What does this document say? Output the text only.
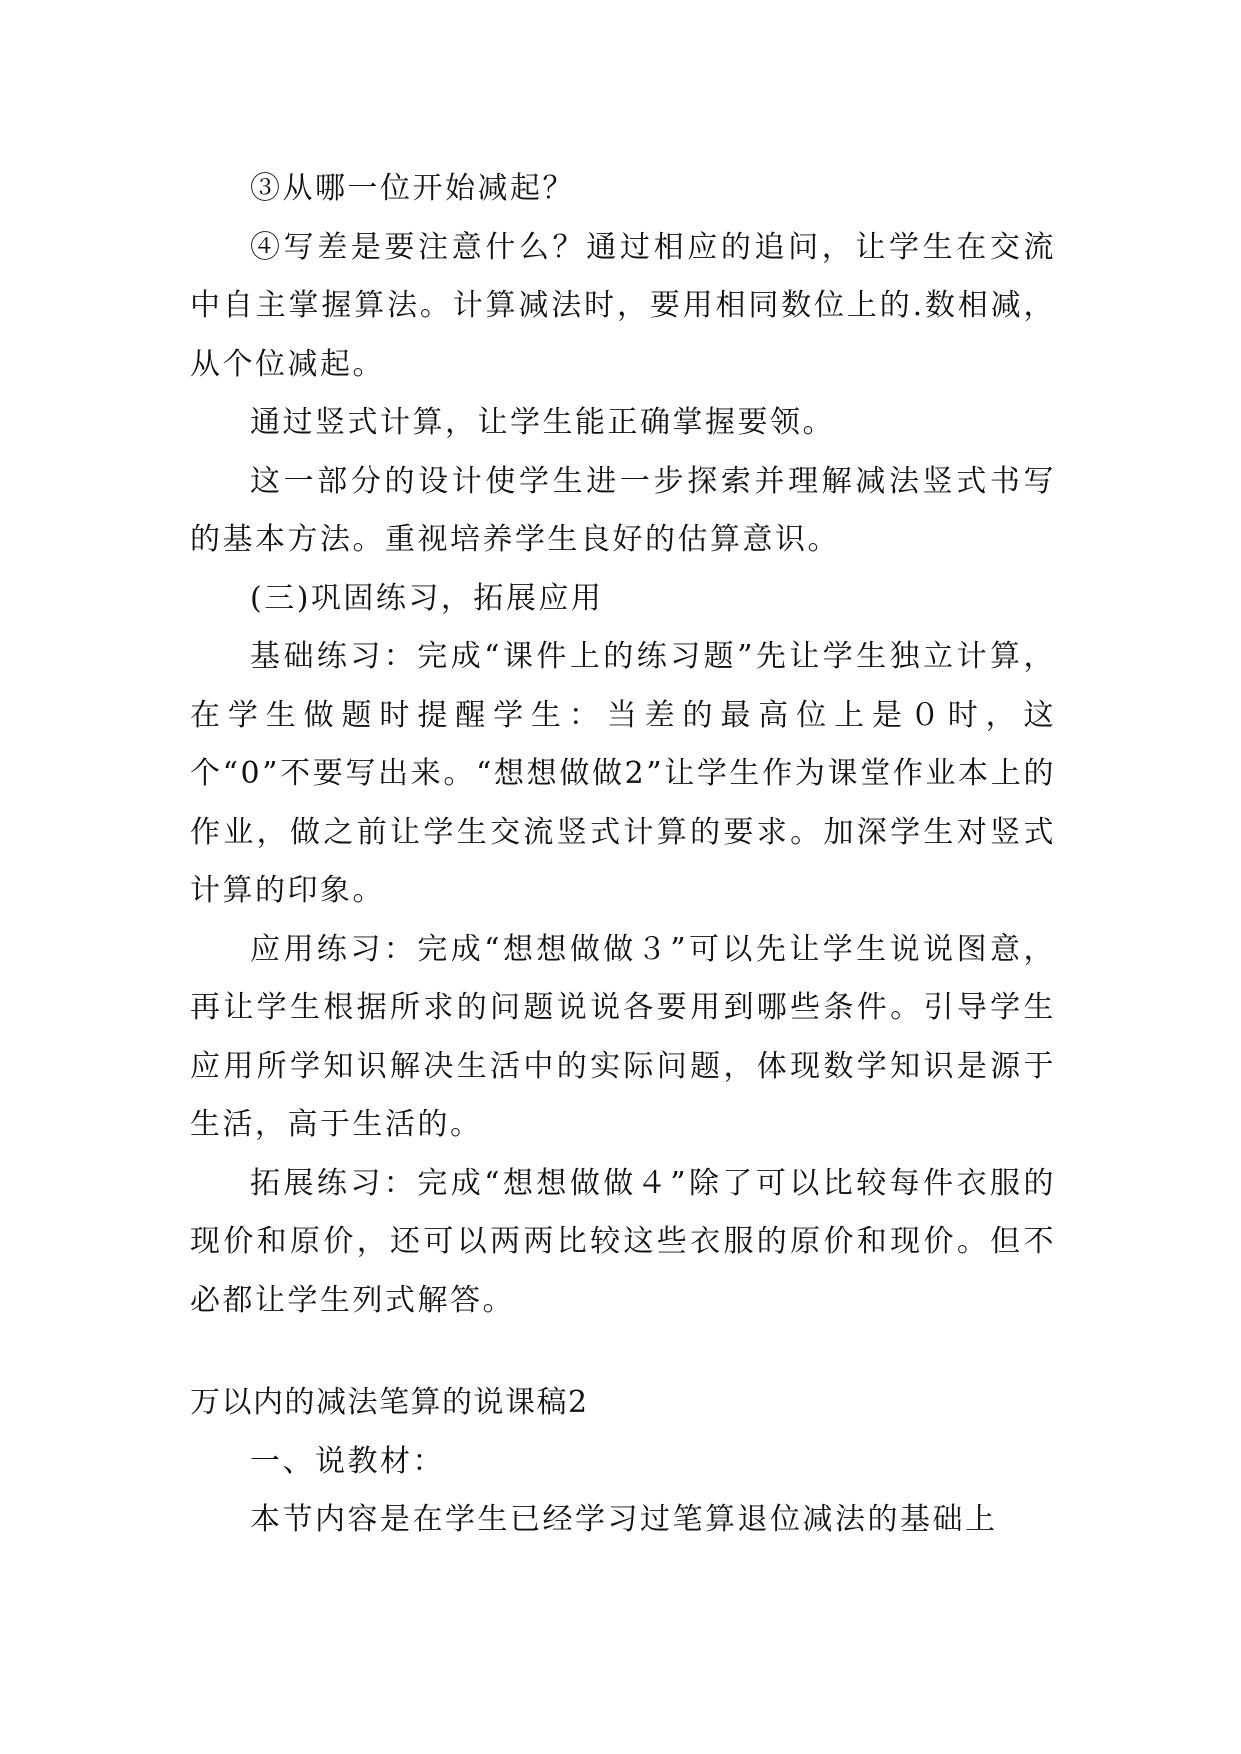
③从哪一位开始减起？

④写差是要注意什么？通过相应的追问，让学生在交流中自主掌握算法。计算减法时，要用相同数位上的.数相减，从个位减起。

通过竖式计算，让学生能正确掌握要领。

这一部分的设计使学生进一步探索并理解减法竖式书写的基本方法。重视培养学生良好的估算意识。

(三)巩固练习，拓展应用

基础练习：完成“课件上的练习题”先让学生独立计算，在学生做题时提醒学生：当差的最高位上是０时，这个“0”不要写出来。“想想做做2”让学生作为课堂作业本上的作业，做之前让学生交流竖式计算的要求。加深学生对竖式计算的印象。

应用练习：完成“想想做做３”可以先让学生说说图意，再让学生根据所求的问题说说各要用到哪些条件。引导学生应用所学知识解决生活中的实际问题，体现数学知识是源于生活，高于生活的。

拓展练习：完成“想想做做４”除了可以比较每件衣服的现价和原价，还可以两两比较这些衣服的原价和现价。但不必都让学生列式解答。

万以内的减法笔算的说课稿2

一、说教材：

本节内容是在学生已经学习过笔算退位减法的基础上
